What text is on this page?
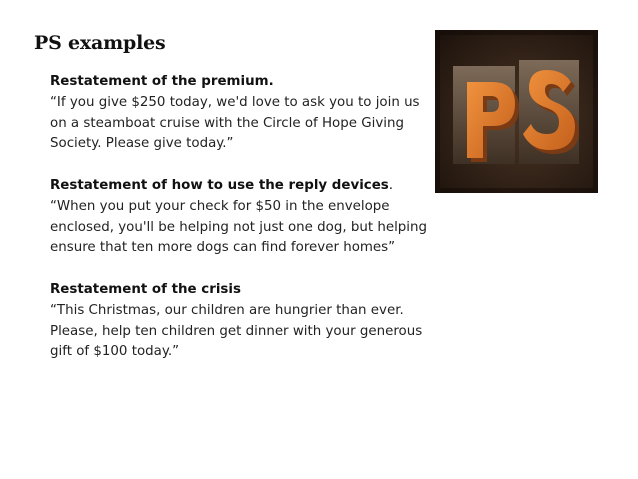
PS examples
Restatement of the premium.
“If you give $250 today, we'd love to ask you to join us on a steamboat cruise with the Circle of Hope Giving Society. Please give today.”
Restatement of how to use the reply devices.
“When you put your check for $50 in the envelope enclosed, you'll be helping not just one dog, but helping ensure that ten more dogs can find forever homes”
Restatement of the crisis
“This Christmas, our children are hungrier than ever. Please, help ten children get dinner with your generous gift of $100 today.”
